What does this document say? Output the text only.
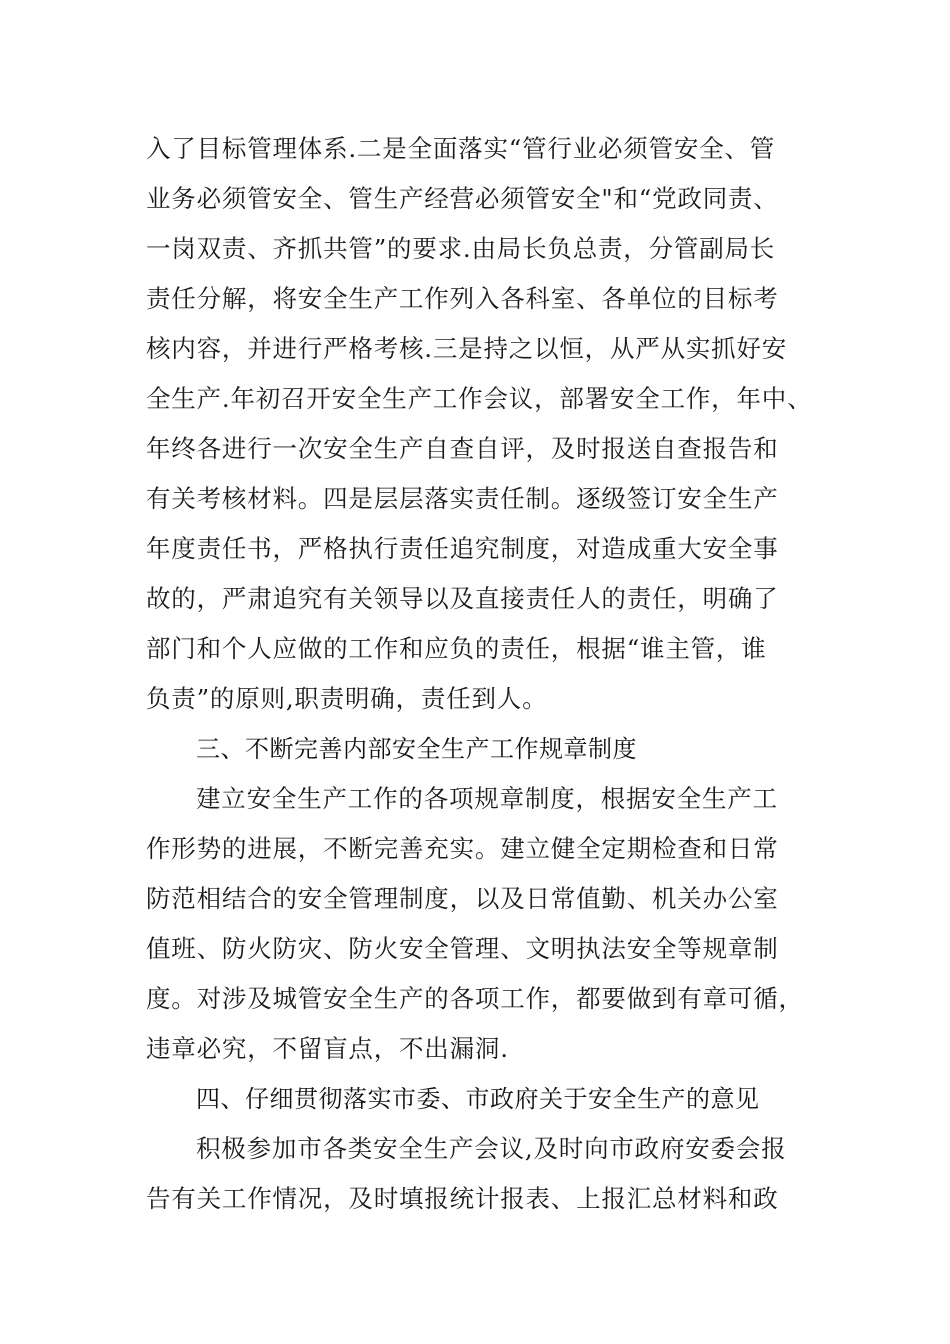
入了目标管理体系.二是全面落实“管行业必须管安全、管
业务必须管安全、管生产经营必须管安全"和“党政同责、
一岗双责、齐抓共管”的要求.由局长负总责，分管副局长
责任分解，将安全生产工作列入各科室、各单位的目标考
核内容，并进行严格考核.三是持之以恒，从严从实抓好安
全生产.年初召开安全生产工作会议，部署安全工作，年中、
年终各进行一次安全生产自查自评，及时报送自查报告和
有关考核材料。四是层层落实责任制。逐级签订安全生产
年度责任书，严格执行责任追究制度，对造成重大安全事
故的，严肃追究有关领导以及直接责任人的责任，明确了
部门和个人应做的工作和应负的责任，根据“谁主管，谁
负责”的原则,职责明确，责任到人。
三、不断完善内部安全生产工作规章制度
建立安全生产工作的各项规章制度，根据安全生产工
作形势的进展，不断完善充实。建立健全定期检查和日常
防范相结合的安全管理制度，以及日常值勤、机关办公室
值班、防火防灾、防火安全管理、文明执法安全等规章制
度。对涉及城管安全生产的各项工作，都要做到有章可循，
违章必究，不留盲点，不出漏洞.
四、仔细贯彻落实市委、市政府关于安全生产的意见
积极参加市各类安全生产会议,及时向市政府安委会报
告有关工作情况，及时填报统计报表、上报汇总材料和政
